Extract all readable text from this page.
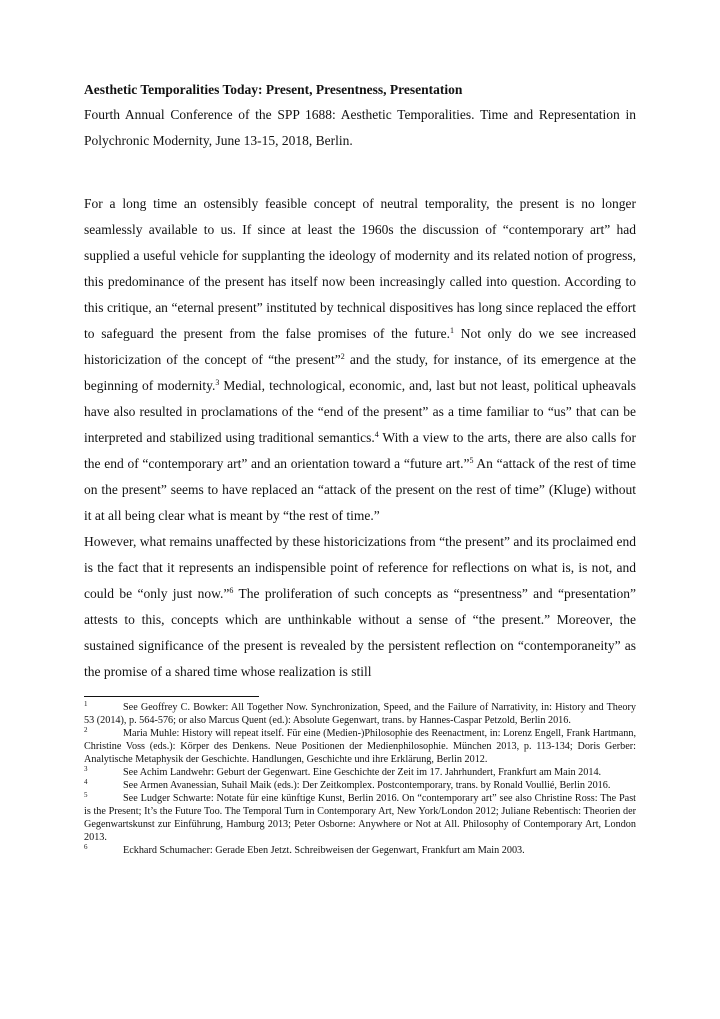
Aesthetic Temporalities Today: Present, Presentness, Presentation

Fourth Annual Conference of the SPP 1688: Aesthetic Temporalities. Time and Representation in Polychronic Modernity, June 13-15, 2018, Berlin.

For a long time an ostensibly feasible concept of neutral temporality, the present is no longer seamlessly available to us. If since at least the 1960s the discussion of “contemporary art” had supplied a useful vehicle for supplanting the ideology of modernity and its related notion of progress, this predominance of the present has itself now been increasingly called into question. According to this critique, an “eternal present” instituted by technical dispositives has long since replaced the effort to safeguard the present from the false promises of the future.$^1$ Not only do we see increased historicization of the concept of “the present”$^2$ and the study, for instance, of its emergence at the beginning of modernity.$^3$ Medial, technological, economic, and, last but not least, political upheavals have also resulted in proclamations of the “end of the present” as a time familiar to “us” that can be interpreted and stabilized using traditional semantics.$^4$ With a view to the arts, there are also calls for the end of “contemporary art” and an orientation toward a “future art.”$^5$ An “attack of the rest of time on the present” seems to have replaced an “attack of the present on the rest of time” (Kluge) without it at all being clear what is meant by “the rest of time.”

However, what remains unaffected by these historicizations from “the present” and its proclaimed end is the fact that it represents an indispensible point of reference for reflections on what is, is not, and could be “only just now.”$^6$ The proliferation of such concepts as “presentness” and “presentation” attests to this, concepts which are unthinkable without a sense of “the present.” Moreover, the sustained significance of the present is revealed by the persistent reflection on “contemporaneity” as the promise of a shared time whose realization is still

1	See Geoffrey C. Bowker: All Together Now. Synchronization, Speed, and the Failure of Narrativity, in: History and Theory 53 (2014), p. 564-576; or also Marcus Quent (ed.): Absolute Gegenwart, trans. by Hannes-Caspar Petzold, Berlin 2016.

2	Maria Muhle: History will repeat itself. Für eine (Medien-)Philosophie des Reenactment, in: Lorenz Engell, Frank Hartmann, Christine Voss (eds.): Körper des Denkens. Neue Positionen der Medienphilosophie. München 2013, p. 113-134; Doris Gerber: Analytische Metaphysik der Geschichte. Handlungen, Geschichte und ihre Erklärung, Berlin 2012.

3	See Achim Landwehr: Geburt der Gegenwart. Eine Geschichte der Zeit im 17. Jahrhundert, Frankfurt am Main 2014.

4	See Armen Avanessian, Suhail Maik (eds.): Der Zeitkomplex. Postcontemporary, trans. by Ronald Voullié, Berlin 2016.

5	See Ludger Schwarte: Notate für eine künftige Kunst, Berlin 2016. On “contemporary art” see also Christine Ross: The Past is the Present; It’s the Future Too. The Temporal Turn in Contemporary Art, New York/London 2012; Juliane Rebentisch: Theorien der Gegenwartskunst zur Einführung, Hamburg 2013; Peter Osborne: Anywhere or Not at All. Philosophy of Contemporary Art, London 2013.

6	Eckhard Schumacher: Gerade Eben Jetzt. Schreibweisen der Gegenwart, Frankfurt am Main 2003.
